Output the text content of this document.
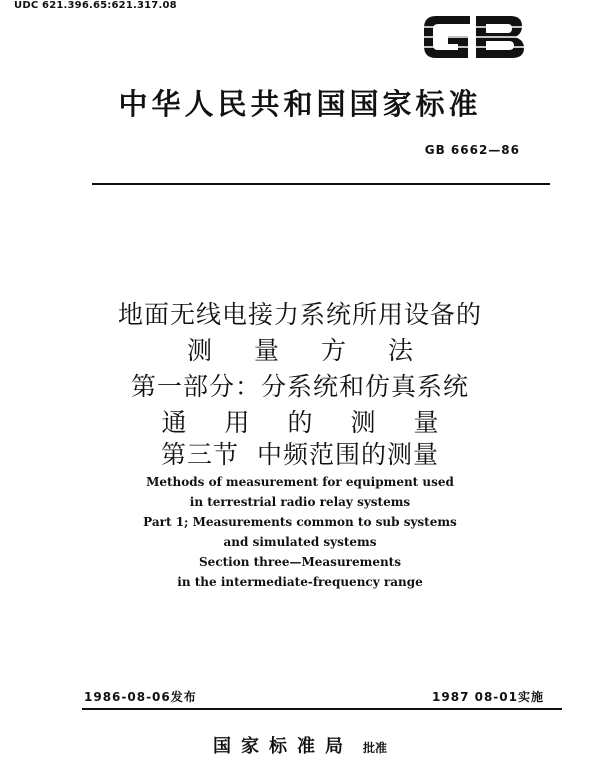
UDC 621.396.65:621.317.08
中华人民共和国国家标准
GB 6662—86
地面无线电接力系统所用设备的
测量方法
第一部分：分系统和仿真系统
通用的测量
第三节  中频范围的测量
Methods of measurement for equipment used
in terrestrial radio relay systems
Part 1; Measurements common to sub systems
and simulated systems
Section three—Measurements
in the intermediate-frequency range
1986-08-06发布	1987 08-01实施
国家标准局 批准
